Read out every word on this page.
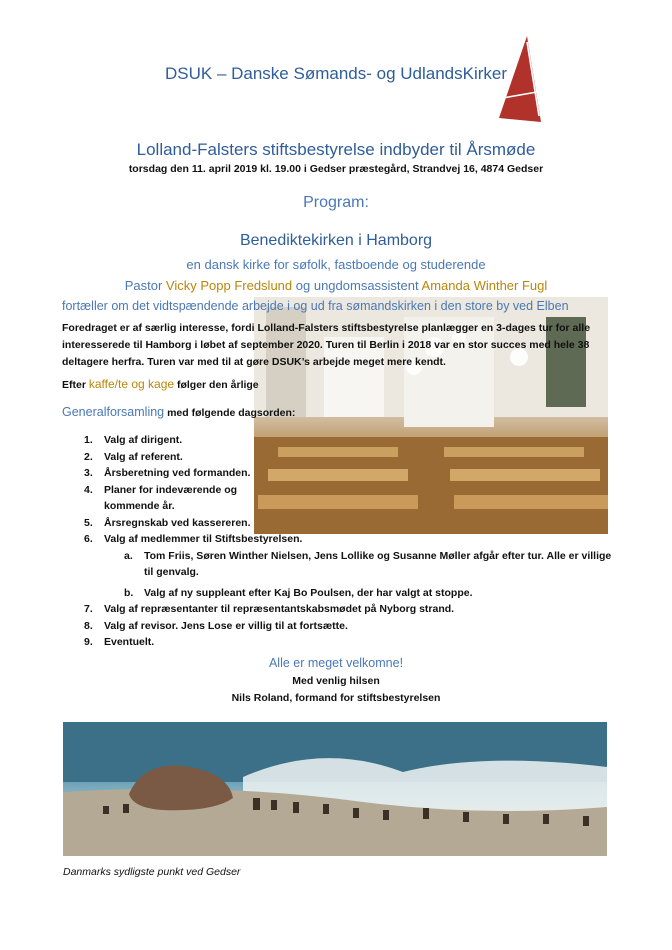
DSUK – Danske Sømands- og UdlandsKirker
Lolland-Falsters stiftsbestyrelse indbyder til Årsmøde
torsdag den 11. april 2019 kl. 19.00 i Gedser præstegård, Strandvej 16, 4874 Gedser
Program:
Benediktekirken i Hamborg
en dansk kirke for søfolk, fastboende og studerende
Pastor Vicky Popp Fredslund og ungdomsassistent Amanda Winther Fugl
fortæller om det vidtspændende arbejde i og ud fra sømandskirken i den store by ved Elben
Foredraget er af særlig interesse, fordi Lolland-Falsters stiftsbestyrelse planlægger en 3-dages tur for alle interesserede til Hamborg i løbet af september 2020. Turen til Berlin i 2018 var en stor succes med hele 38 deltagere herfra. Turen var med til at gøre DSUK’s arbejde meget mere kendt.
Efter kaffe/te og kage følger den årlige
Generalforsamling med følgende dagsorden:
1. Valg af dirigent.
2. Valg af referent.
3. Årsberetning ved formanden.
4. Planer for indeværende og kommende år.
5. Årsregnskab ved kassereren.
6. Valg af medlemmer til Stiftsbestyrelsen.
a. Tom Friis, Søren Winther Nielsen, Jens Lollike og Susanne Møller afgår efter tur. Alle er villige til genvalg.
b. Valg af ny suppleant efter Kaj Bo Poulsen, der har valgt at stoppe.
7. Valg af repræsentanter til repræsentantskabsmødet på Nyborg strand.
8. Valg af revisor. Jens Lose er villig til at fortsætte.
9. Eventuelt.
Alle er meget velkomne!
Med venlig hilsen
Nils Roland, formand for stiftsbestyrelsen
Danmarks sydligste punkt ved Gedser
